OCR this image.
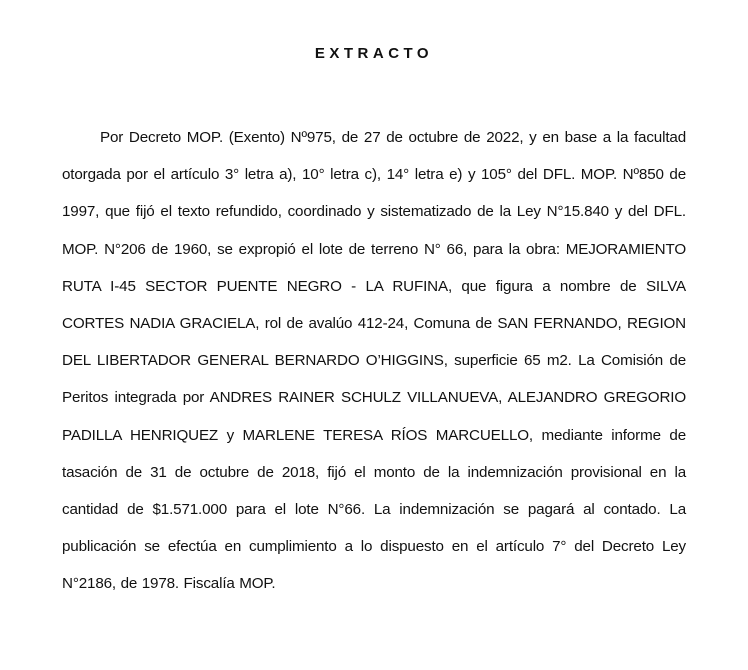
EXTRACTO

Por Decreto MOP. (Exento) Nº975, de 27 de octubre de 2022, y en base a la facultad otorgada por el artículo 3° letra a), 10° letra c), 14° letra e) y 105° del DFL. MOP. Nº850 de 1997, que fijó el texto refundido, coordinado y sistematizado de la Ley N°15.840 y del DFL. MOP. N°206 de 1960, se expropió el lote de terreno N° 66, para la obra: MEJORAMIENTO RUTA I-45 SECTOR PUENTE NEGRO - LA RUFINA, que figura a nombre de SILVA CORTES NADIA GRACIELA, rol de avalúo 412-24, Comuna de SAN FERNANDO, REGION DEL LIBERTADOR GENERAL BERNARDO O’HIGGINS, superficie 65 m2. La Comisión de Peritos integrada por ANDRES RAINER SCHULZ VILLANUEVA, ALEJANDRO GREGORIO PADILLA HENRIQUEZ y MARLENE TERESA RÍOS MARCUELLO, mediante informe de tasación de 31 de octubre de 2018, fijó el monto de la indemnización provisional en la cantidad de $1.571.000 para el lote N°66. La indemnización se pagará al contado. La publicación se efectúa en cumplimiento a lo dispuesto en el artículo 7° del Decreto Ley N°2186, de 1978. Fiscalía MOP.
